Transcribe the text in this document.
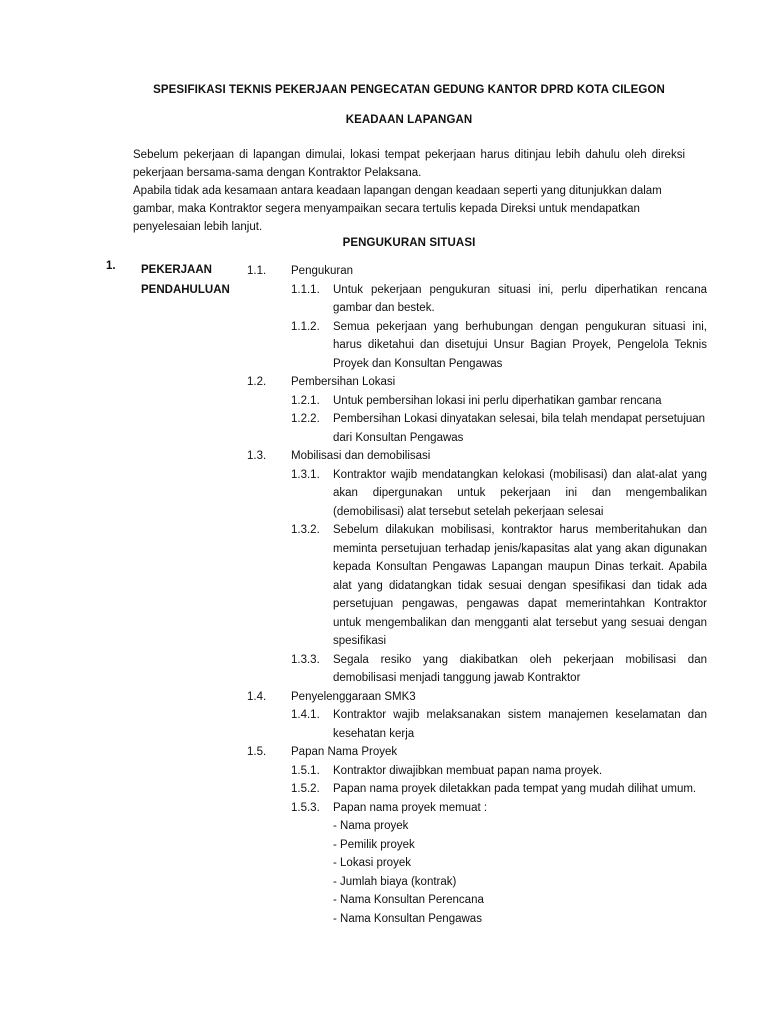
SPESIFIKASI TEKNIS PEKERJAAN PENGECATAN GEDUNG KANTOR DPRD KOTA CILEGON
KEADAAN LAPANGAN

Sebelum pekerjaan di lapangan dimulai, lokasi tempat pekerjaan harus ditinjau lebih dahulu oleh direksi pekerjaan bersama-sama dengan Kontraktor Pelaksana.

Apabila tidak ada kesamaan antara keadaan lapangan dengan keadaan seperti yang ditunjukkan dalam gambar, maka Kontraktor segera menyampaikan secara tertulis kepada Direksi untuk mendapatkan penyelesaian lebih lanjut.

PENGUKURAN SITUASI
1. PEKERJAAN
PENDAHULUAN
1.1. Pengukuran
1.1.1. Untuk pekerjaan pengukuran situasi ini, perlu diperhatikan rencana gambar dan bestek.
1.1.2. Semua pekerjaan yang berhubungan dengan pengukuran situasi ini, harus diketahui dan disetujui Unsur Bagian Proyek, Pengelola Teknis Proyek dan Konsultan Pengawas
1.2. Pembersihan Lokasi
1.2.1. Untuk pembersihan lokasi ini perlu diperhatikan gambar rencana
1.2.2. Pembersihan Lokasi dinyatakan selesai, bila telah mendapat persetujuan dari Konsultan Pengawas
1.3. Mobilisasi dan demobilisasi
1.3.1. Kontraktor wajib mendatangkan kelokasi (mobilisasi) dan alat-alat yang akan dipergunakan untuk pekerjaan ini dan mengembalikan (demobilisasi) alat tersebut setelah pekerjaan selesai
1.3.2. Sebelum dilakukan mobilisasi, kontraktor harus memberitahukan dan meminta persetujuan terhadap jenis/kapasitas alat yang akan digunakan kepada Konsultan Pengawas Lapangan maupun Dinas terkait. Apabila alat yang didatangkan tidak sesuai dengan spesifikasi dan tidak ada persetujuan pengawas, pengawas dapat memerintahkan Kontraktor untuk mengembalikan dan mengganti alat tersebut yang sesuai dengan spesifikasi
1.3.3. Segala resiko yang diakibatkan oleh pekerjaan mobilisasi dan demobilisasi menjadi tanggung jawab Kontraktor
1.4. Penyelenggaraan SMK3
1.4.1. Kontraktor wajib melaksanakan sistem manajemen keselamatan dan kesehatan kerja
1.5. Papan Nama Proyek
1.5.1. Kontraktor diwajibkan membuat papan nama proyek.
1.5.2. Papan nama proyek diletakkan pada tempat yang mudah dilihat umum.
1.5.3. Papan nama proyek memuat :
- Nama proyek
- Pemilik proyek
- Lokasi proyek
- Jumlah biaya (kontrak)
- Nama Konsultan Perencana
- Nama Konsultan Pengawas
